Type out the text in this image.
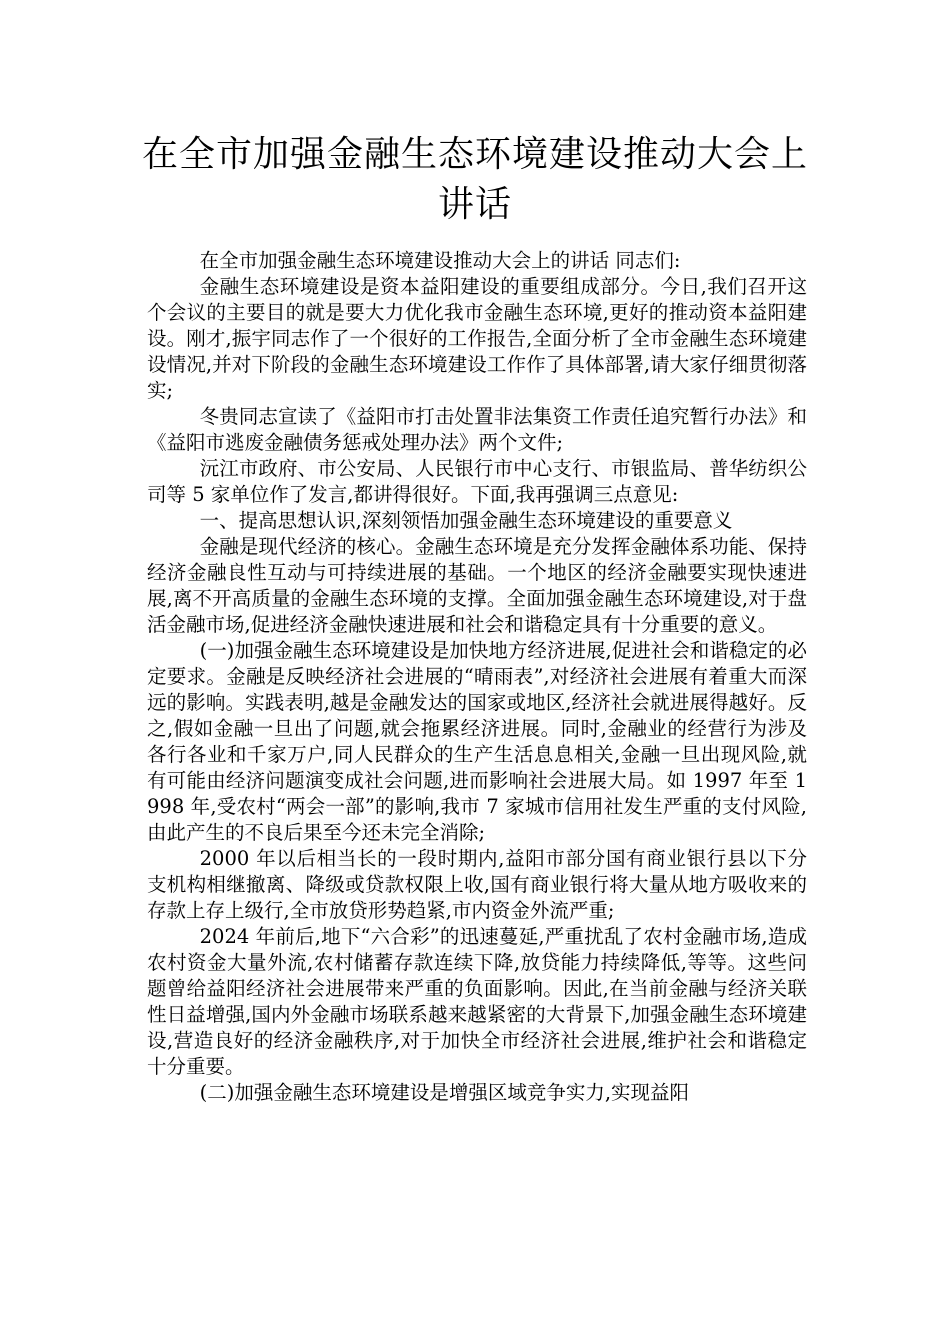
在全市加强金融生态环境建设推动大会上讲话

在全市加强金融生态环境建设推动大会上的讲话 同志们:

金融生态环境建设是资本益阳建设的重要组成部分。今日,我们召开这个会议的主要目的就是要大力优化我市金融生态环境,更好的推动资本益阳建设。刚才,振宇同志作了一个很好的工作报告,全面分析了全市金融生态环境建设情况,并对下阶段的金融生态环境建设工作作了具体部署,请大家仔细贯彻落实;

冬贵同志宣读了《益阳市打击处置非法集资工作责任追究暂行办法》和《益阳市逃废金融债务惩戒处理办法》两个文件;

沅江市政府、市公安局、人民银行市中心支行、市银监局、普华纺织公司等 5 家单位作了发言,都讲得很好。下面,我再强调三点意见:

一、提高思想认识,深刻领悟加强金融生态环境建设的重要意义

金融是现代经济的核心。金融生态环境是充分发挥金融体系功能、保持经济金融良性互动与可持续进展的基础。一个地区的经济金融要实现快速进展,离不开高质量的金融生态环境的支撑。全面加强金融生态环境建设,对于盘活金融市场,促进经济金融快速进展和社会和谐稳定具有十分重要的意义。

(一)加强金融生态环境建设是加快地方经济进展,促进社会和谐稳定的必定要求。金融是反映经济社会进展的“晴雨表”,对经济社会进展有着重大而深远的影响。实践表明,越是金融发达的国家或地区,经济社会就进展得越好。反之,假如金融一旦出了问题,就会拖累经济进展。同时,金融业的经营行为涉及各行各业和千家万户,同人民群众的生产生活息息相关,金融一旦出现风险,就有可能由经济问题演变成社会问题,进而影响社会进展大局。如 1997 年至 1998 年,受农村“两会一部”的影响,我市 7 家城市信用社发生严重的支付风险,由此产生的不良后果至今还未完全消除;

2000 年以后相当长的一段时期内,益阳市部分国有商业银行县以下分支机构相继撤离、降级或贷款权限上收,国有商业银行将大量从地方吸收来的存款上存上级行,全市放贷形势趋紧,市内资金外流严重;

2024 年前后,地下“六合彩”的迅速蔓延,严重扰乱了农村金融市场,造成农村资金大量外流,农村储蓄存款连续下降,放贷能力持续降低,等等。这些问题曾给益阳经济社会进展带来严重的负面影响。因此,在当前金融与经济关联性日益增强,国内外金融市场联系越来越紧密的大背景下,加强金融生态环境建设,营造良好的经济金融秩序,对于加快全市经济社会进展,维护社会和谐稳定十分重要。

(二)加强金融生态环境建设是增强区域竞争实力,实现益阳
